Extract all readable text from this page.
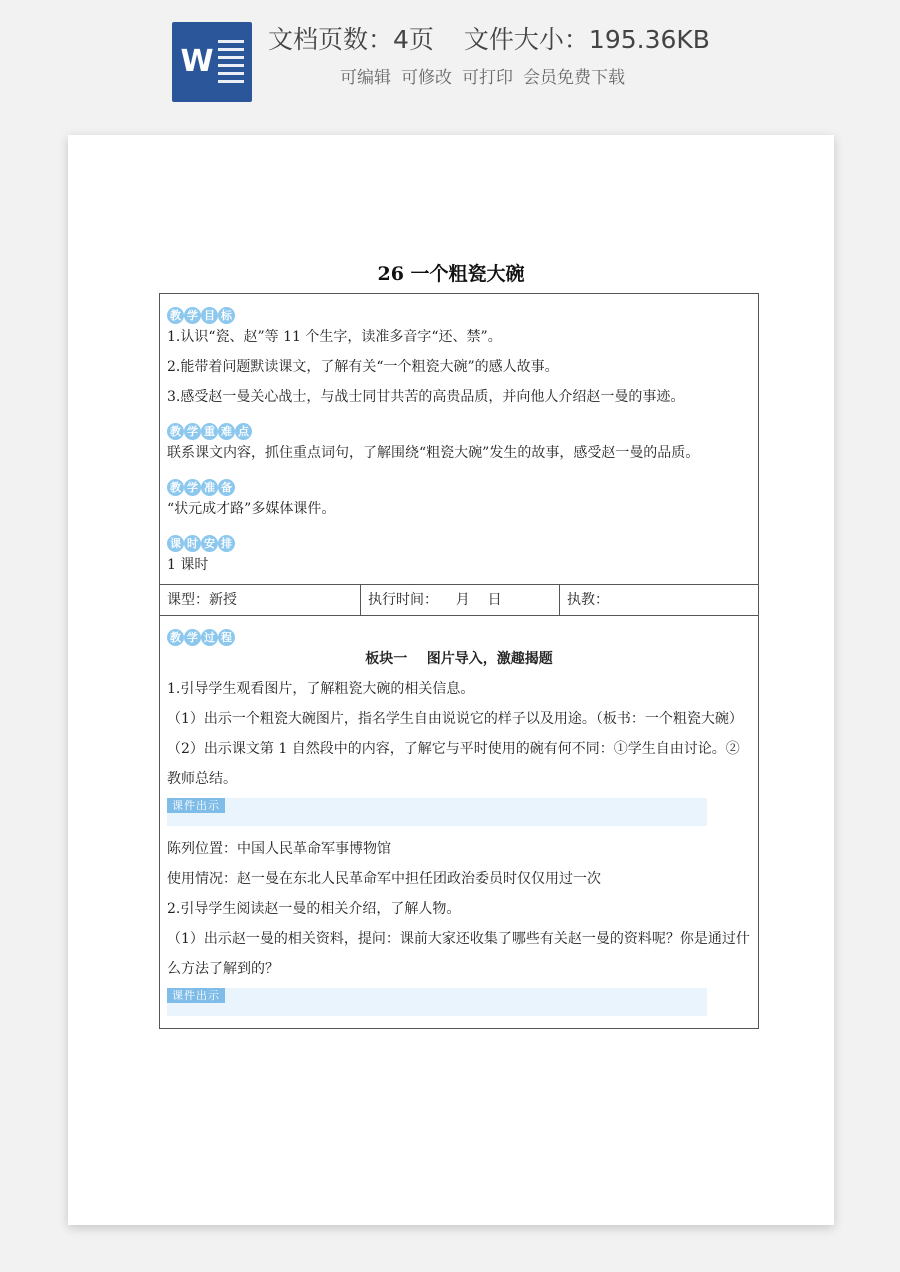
W
文档页数：4页 文件大小：195.36KB
可编辑 可修改 可打印 会员免费下载
26 一个粗瓷大碗
教 学 目 标

1.认识“瓷、赵”等 11 个生字，读准多音字“还、禁”。

2.能带着问题默读课文，了解有关“一个粗瓷大碗”的感人故事。

3.感受赵一曼关心战士，与战士同甘共苦的高贵品质，并向他人介绍赵一曼的事迹。

教 学 重 难 点

联系课文内容，抓住重点词句，了解围绕“粗瓷大碗”发生的故事，感受赵一曼的品质。

教 学 准 备

“状元成才路”多媒体课件。

课 时 安 排

1 课时

课型：新授	执行时间：    月    日	执教：
教 学 过 程

板块一    图片导入，激趣揭题

1.引导学生观看图片，了解粗瓷大碗的相关信息。

（1）出示一个粗瓷大碗图片，指名学生自由说说它的样子以及用途。（板书：一个粗瓷大碗）

（2）出示课文第 1 自然段中的内容，了解它与平时使用的碗有何不同：①学生自由讨论。②教师总结。

课件出示

陈列位置：中国人民革命军事博物馆

使用情况：赵一曼在东北人民革命军中担任团政治委员时仅仅用过一次

2.引导学生阅读赵一曼的相关介绍，了解人物。

（1）出示赵一曼的相关资料，提问：课前大家还收集了哪些有关赵一曼的资料呢？你是通过什么方法了解到的？

课件出示
